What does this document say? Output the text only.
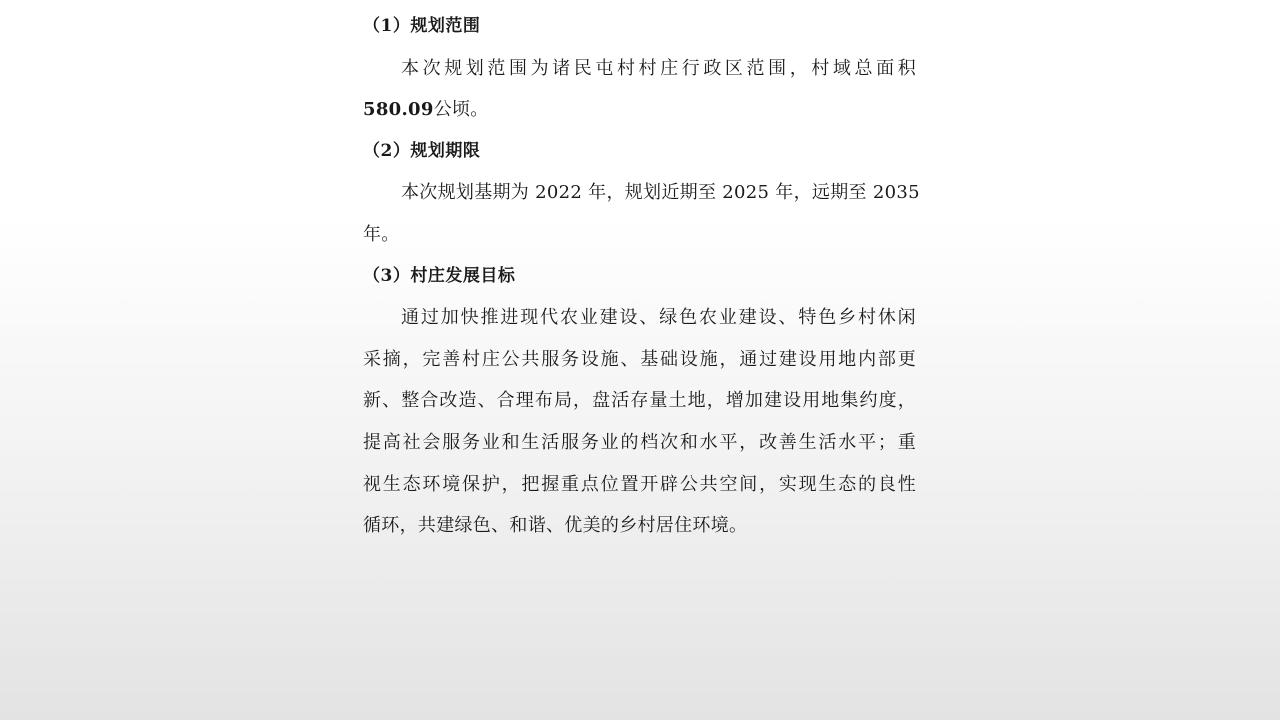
（1）规划范围
本次规划范围为诸民屯村村庄行政区范围，村域总面积
580.09公顷。
（2）规划期限
本次规划基期为 2022 年，规划近期至 2025 年，远期至 2035
年。
（3）村庄发展目标
通过加快推进现代农业建设、绿色农业建设、特色乡村休闲
采摘，完善村庄公共服务设施、基础设施，通过建设用地内部更
新、整合改造、合理布局，盘活存量土地，增加建设用地集约度，
提高社会服务业和生活服务业的档次和水平，改善生活水平；重
视生态环境保护，把握重点位置开辟公共空间，实现生态的良性
循环，共建绿色、和谐、优美的乡村居住环境。
